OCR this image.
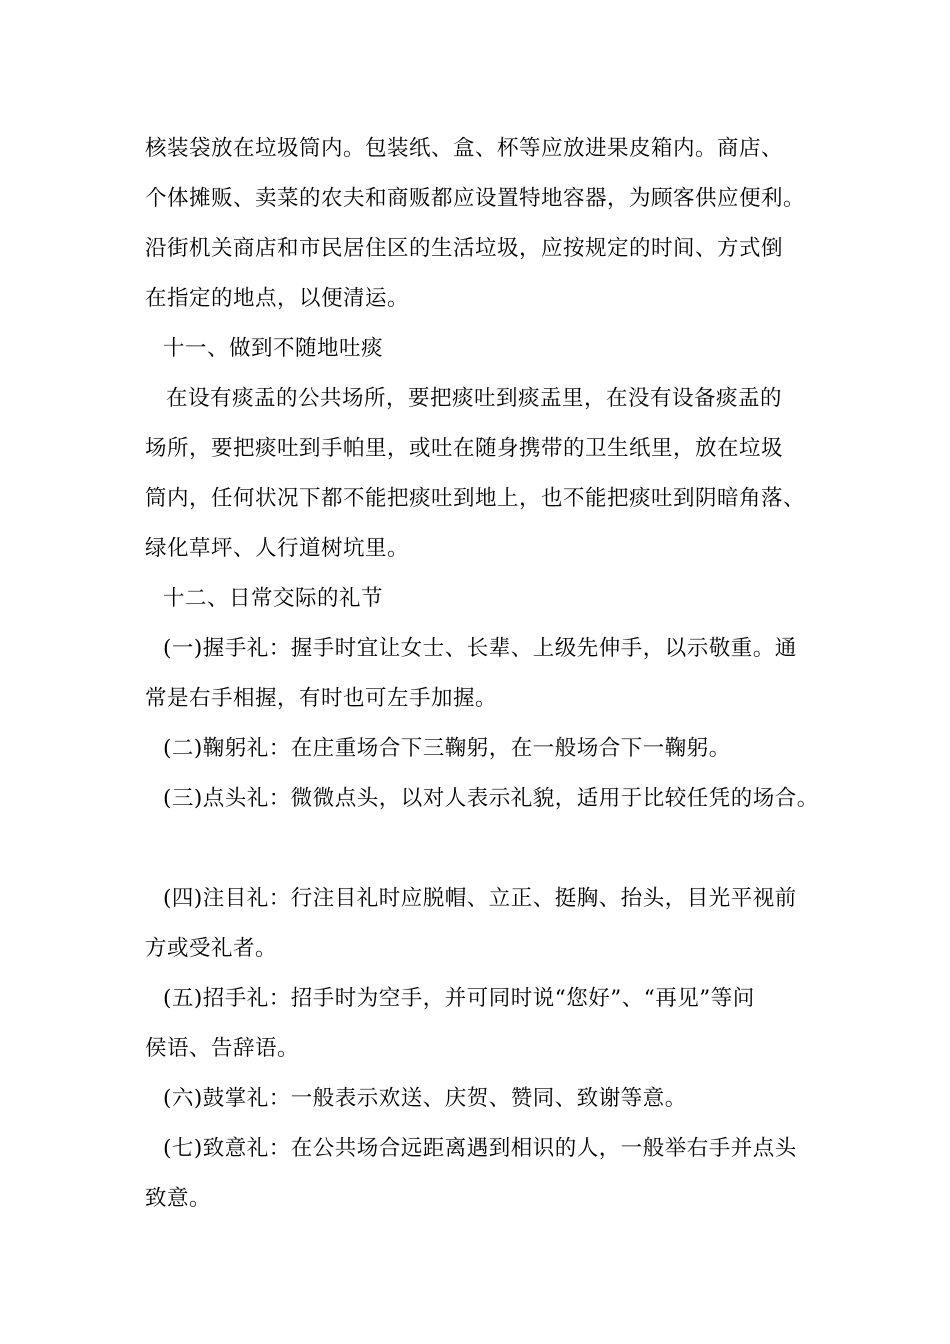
核装袋放在垃圾筒内。包装纸、盒、杯等应放进果皮箱内。商店、
个体摊贩、卖菜的农夫和商贩都应设置特地容器，为顾客供应便利。
沿街机关商店和市民居住区的生活垃圾，应按规定的时间、方式倒
在指定的地点，以便清运。
十一、做到不随地吐痰
在设有痰盂的公共场所，要把痰吐到痰盂里，在没有设备痰盂的
场所，要把痰吐到手帕里，或吐在随身携带的卫生纸里，放在垃圾
筒内，任何状况下都不能把痰吐到地上，也不能把痰吐到阴暗角落、
绿化草坪、人行道树坑里。
十二、日常交际的礼节
(一)握手礼：握手时宜让女士、长辈、上级先伸手，以示敬重。通
常是右手相握，有时也可左手加握。
(二)鞠躬礼：在庄重场合下三鞠躬，在一般场合下一鞠躬。
(三)点头礼：微微点头，以对人表示礼貌，适用于比较任凭的场合。
(四)注目礼：行注目礼时应脱帽、立正、挺胸、抬头，目光平视前
方或受礼者。
(五)招手礼：招手时为空手，并可同时说“您好”、“再见”等问
侯语、告辞语。
(六)鼓掌礼：一般表示欢送、庆贺、赞同、致谢等意。
(七)致意礼：在公共场合远距离遇到相识的人，一般举右手并点头
致意。
